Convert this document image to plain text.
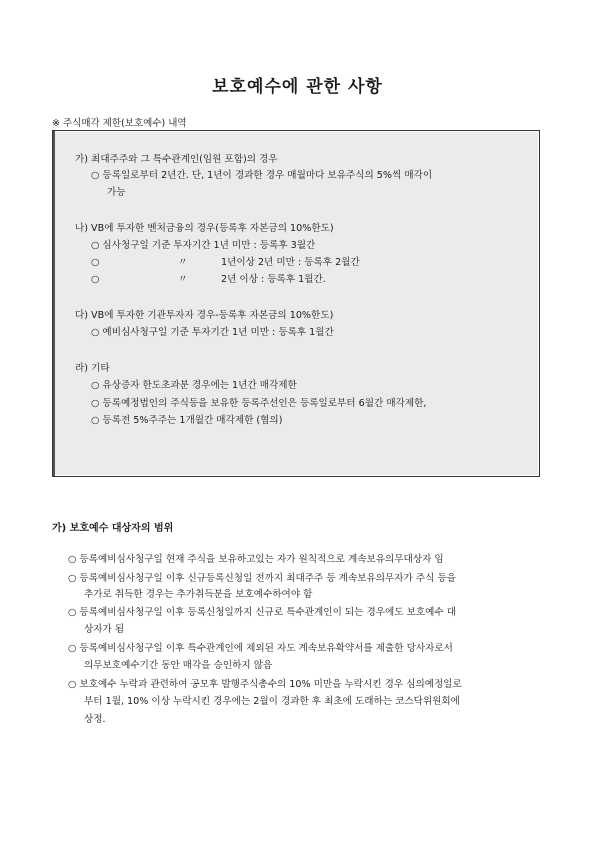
보호예수에 관한 사항
※ 주식매각 제한(보호예수) 내역
가) 최대주주와 그 특수관계인(임원 포함)의 경우
○ 등록일로부터 2년간. 단, 1년이 경과한 경우 매월마다 보유주식의 5%씩 매각이
가능
나) VB에 투자한 벤처금융의 경우(등록후 자본금의 10%한도)
○ 심사청구일 기준 투자기간 1년 미만 : 등록후 3월간
○	〃	1년이상 2년 미만 : 등록후 2월간
○	〃	2년 이상 : 등록후 1월간.
다) VB에 투자한 기관투자자 경우-등록후 자본금의 10%한도)
○ 예비심사청구일 기준 투자기간 1년 미만 : 등록후 1월간
라) 기타
○ 유상증자 한도초과분 경우에는 1년간 매각제한
○ 등록예정법인의 주식등을 보유한 등록주선인은 등록일로부터 6월간 매각제한,
○ 등록전 5%주주는 1개월간 매각제한 (협의)
가) 보호예수 대상자의 범위
○ 등록예비심사청구일 현재 주식을 보유하고있는 자가 원칙적으로 계속보유의무대상자 임
○ 등록예비심사청구일 이후 신규등록신청일 전까지 최대주주 등 계속보유의무자가 주식 등을
추가로 취득한 경우는 추가취득분을 보호예수하여야 함
○ 등록예비심사청구일 이후 등록신청일까지 신규로 특수관계인이 되는 경우에도 보호예수 대
상자가 됨
○ 등록예비심사청구일 이후 특수관계인에 제외된 자도 계속보유확약서를 제출한 당사자로서
의무보호예수기간 동안 매각을 승인하지 않음
○ 보호예수 누락과 관련하여 공모후 발행주식총수의 10% 미만을 누락시킨 경우 심의예정일로
부터 1월, 10% 이상 누락시킨 경우에는 2월이 경과한 후 최초에 도래하는 코스닥위원회에
상정.
